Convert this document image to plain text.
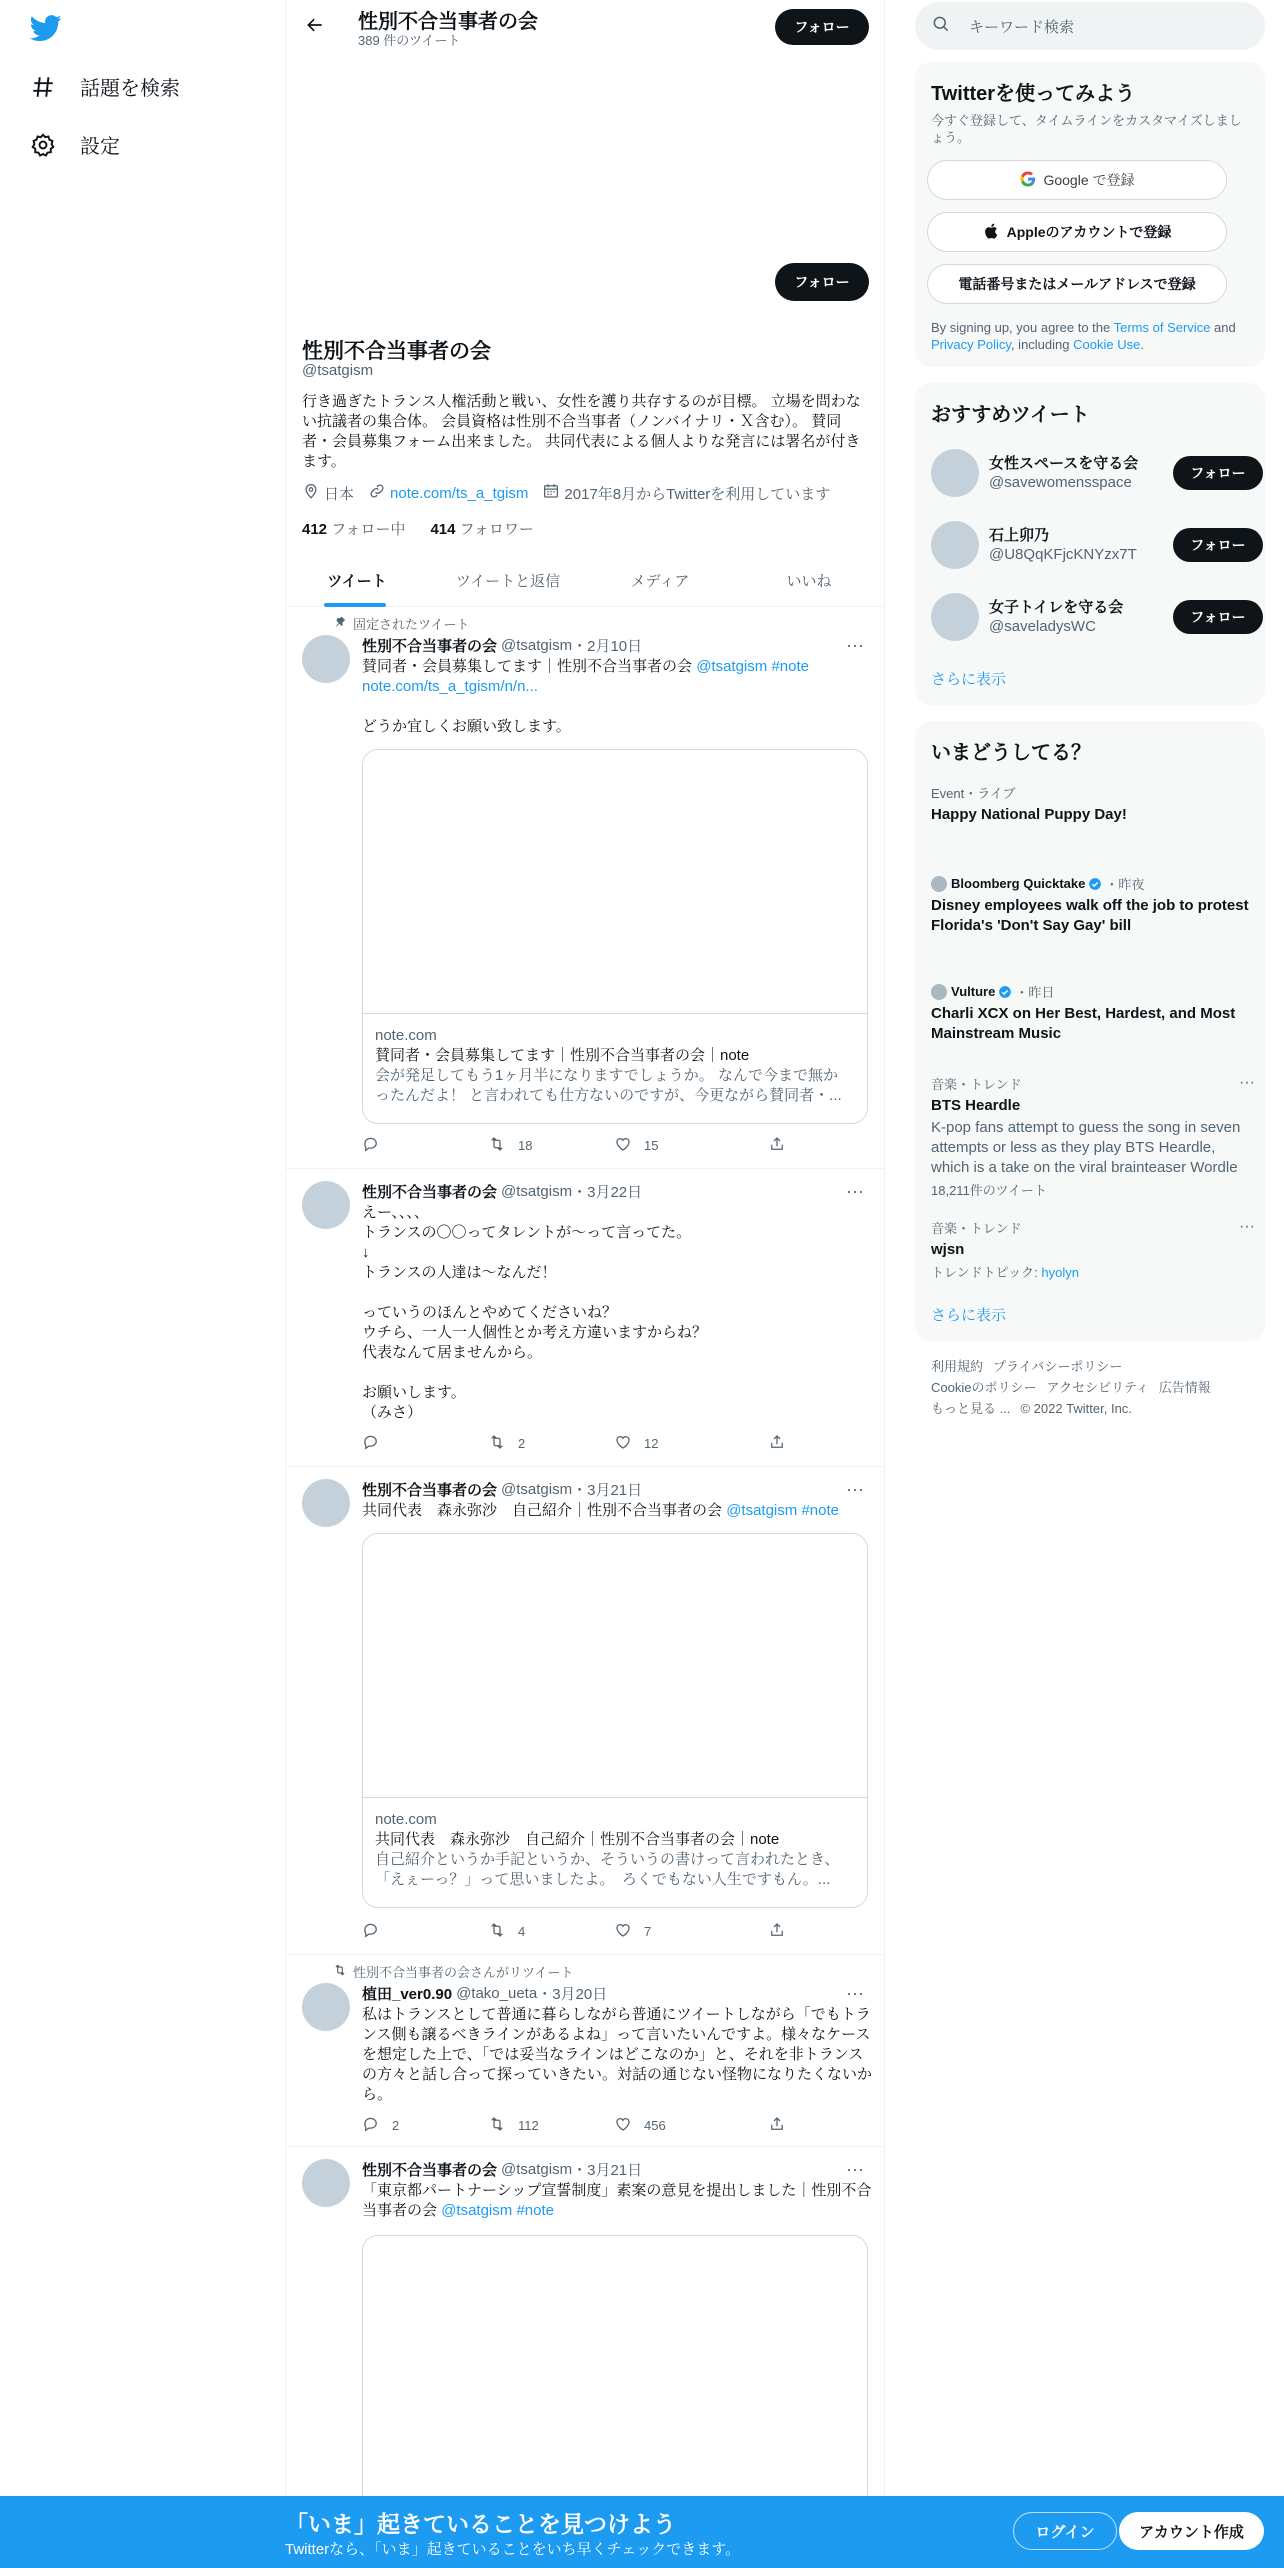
話題を検索
設定
性別不合当事者の会
389 件のツイート
フォロー
フォロー
性別不合当事者の会
@tsatgism
行き過ぎたトランス人権活動と戦い、女性を護り共存するのが目標。 立場を問わない抗議者の集合体。 会員資格は性別不合当事者（ノンバイナリ・Ｘ含む）。 賛同者・会員募集フォーム出来ました。 共同代表による個人よりな発言には署名が付きます。
日本 note.com/ts_a_tgism 2017年8月からTwitterを利用しています
412 フォロー中 414 フォロワー
ツイート	ツイートと返信	メディア	いいね
固定されたツイート
性別不合当事者の会 @tsatgism ・ 2月10日	···
賛同者・会員募集してます｜性別不合当事者の会 @tsatgism #note
note.com/ts_a_tgism/n/n...

どうか宜しくお願い致します。
note.com
賛同者・会員募集してます｜性別不合当事者の会｜note
会が発足してもう1ヶ月半になりますでしょうか。 なんで今まで無か
ったんだよ！ と言われても仕方ないのですが、今更ながら賛同者・...
18	15
性別不合当事者の会 @tsatgism ・ 3月22日	···
えー、、、、
トランスの〇〇ってタレントが～って言ってた。
↓
トランスの人達は～なんだ！

っていうのほんとやめてくださいね？
ウチら、一人一人個性とか考え方違いますからね？
代表なんて居ませんから。

お願いします。
（みさ）
2	12
性別不合当事者の会 @tsatgism ・ 3月21日	···
共同代表　森永弥沙　自己紹介｜性別不合当事者の会 @tsatgism #note
note.com
共同代表　森永弥沙　自己紹介｜性別不合当事者の会｜note
自己紹介というか手記というか、そういうの書けって言われたとき、
「えぇーっ？」って思いましたよ。　ろくでもない人生ですもん。...
4	7
性別不合当事者の会さんがリツイート
植田_ver0.90 @tako_ueta ・ 3月20日	···
私はトランスとして普通に暮らしながら普通にツイートしながら「でもトランス側も譲るべきラインがあるよね」って言いたいんですよ。様々なケースを想定した上で、「では妥当なラインはどこなのか」と、それを非トランスの方々と話し合って探っていきたい。対話の通じない怪物になりたくないから。
2	112	456
性別不合当事者の会 @tsatgism ・ 3月21日	···
「東京都パートナーシップ宣誓制度」素案の意見を提出しました｜性別不合当事者の会 @tsatgism #note
キーワード検索
Twitterを使ってみよう
今すぐ登録して、タイムラインをカスタマイズしましょう。
Google で登録
Appleのアカウントで登録
電話番号またはメールアドレスで登録
By signing up, you agree to the Terms of Service and Privacy Policy, including Cookie Use.
おすすめツイート
女性スペースを守る会
@savewomensspace
フォロー
石上卯乃
@U8QqKFjcKNYzx7T
フォロー
女子トイレを守る会
@saveladysWC
フォロー
さらに表示
いまどうしてる？
Event・ライブ
Happy National Puppy Day!
Bloomberg Quicktake ・昨夜
Disney employees walk off the job to protest Florida's 'Don't Say Gay' bill
Vulture ・昨日
Charli XCX on Her Best, Hardest, and Most Mainstream Music
音楽・トレンド	···
BTS Heardle
K-pop fans attempt to guess the song in seven attempts or less as they play BTS Heardle, which is a take on the viral brainteaser Wordle
18,211件のツイート
音楽・トレンド	···
wjsn
トレンドトピック: hyolyn
さらに表示
利用規約 プライバシーポリシー
Cookieのポリシー アクセシビリティ 広告情報
もっと見る ... © 2022 Twitter, Inc.
「いま」起きていることを見つけよう
Twitterなら、「いま」起きていることをいち早くチェックできます。
ログイン	アカウント作成
